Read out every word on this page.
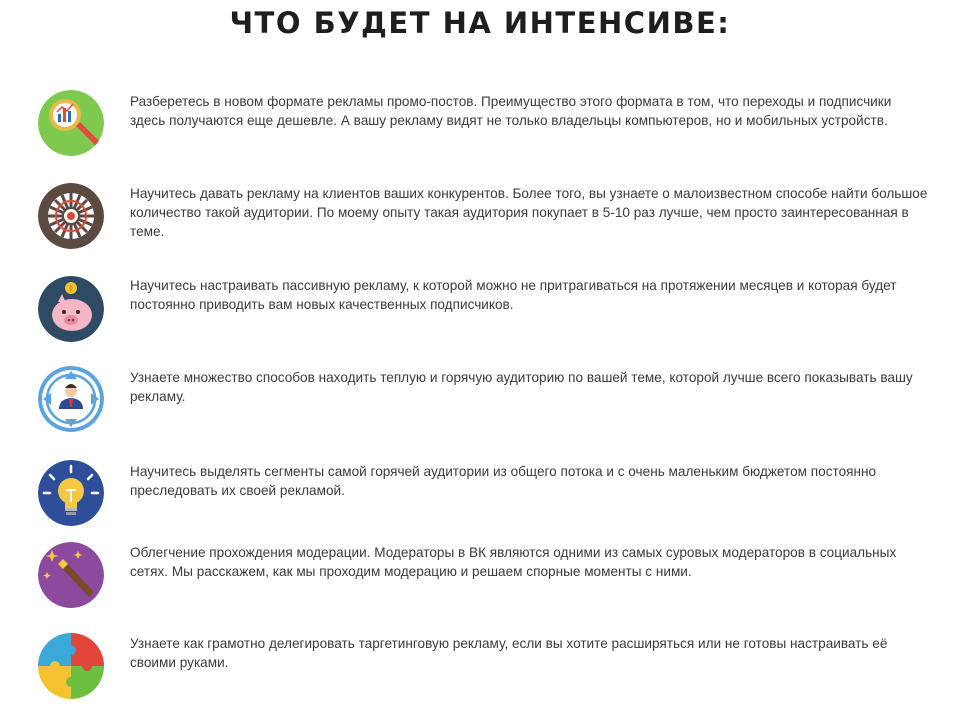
ЧТО БУДЕТ НА ИНТЕНСИВЕ:

Разберетесь в новом формате рекламы промо-постов. Преимущество этого формата в том, что переходы и подписчики здесь получаются еще дешевле. А вашу рекламу видят не только владельцы компьютеров, но и мобильных устройств.

Научитесь давать рекламу на клиентов ваших конкурентов. Более того, вы узнаете о малоизвестном способе найти большое количество такой аудитории. По моему опыту такая аудитория покупает в 5-10 раз лучше, чем просто заинтересованная в теме.

Научитесь настраивать пассивную рекламу, к которой можно не притрагиваться на протяжении месяцев и которая будет постоянно приводить вам новых качественных подписчиков.

Узнаете множество способов находить теплую и горячую аудиторию по вашей теме, которой лучше всего показывать вашу рекламу.

Научитесь выделять сегменты самой горячей аудитории из общего потока и с очень маленьким бюджетом постоянно преследовать их своей рекламой.

Облегчение прохождения модерации. Модераторы в ВК являются одними из самых суровых модераторов в социальных сетях. Мы расскажем, как мы проходим модерацию и решаем спорные моменты с ними.

Узнаете как грамотно делегировать таргетинговую рекламу, если вы хотите расширяться или не готовы настраивать её своими руками.
